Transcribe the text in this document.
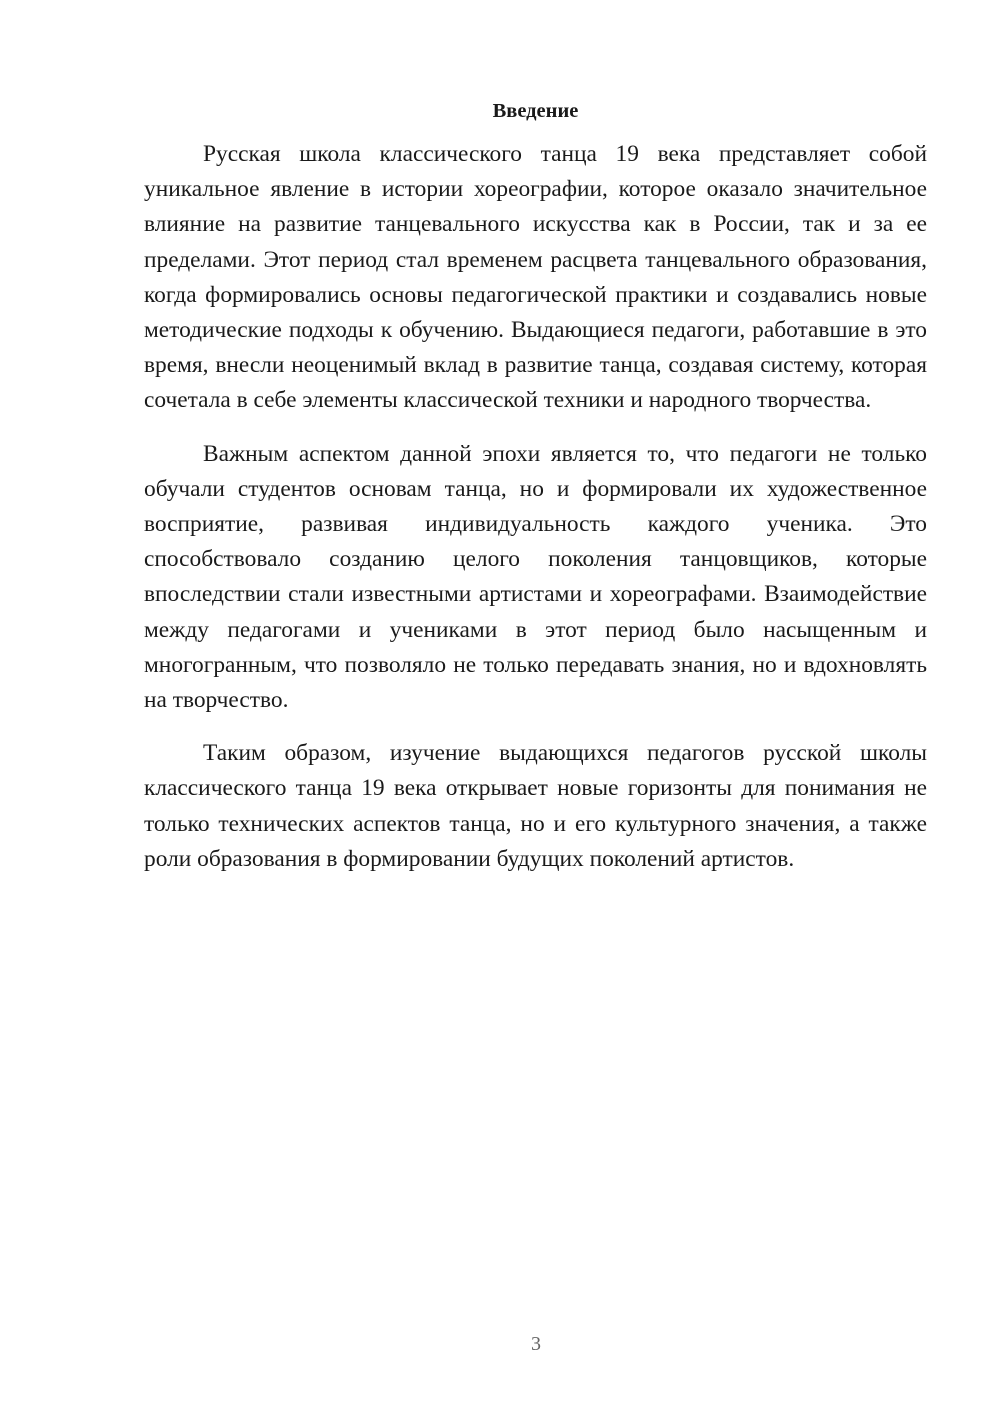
Введение

Русская школа классического танца 19 века представляет собой уникальное явление в истории хореографии, которое оказало значительное влияние на развитие танцевального искусства как в России, так и за ее пределами. Этот период стал временем расцвета танцевального образования, когда формировались основы педагогической практики и создавались новые методические подходы к обучению. Выдающиеся педагоги, работавшие в это время, внесли неоценимый вклад в развитие танца, создавая систему, которая сочетала в себе элементы классической техники и народного творчества.

Важным аспектом данной эпохи является то, что педагоги не только обучали студентов основам танца, но и формировали их художественное восприятие, развивая индивидуальность каждого ученика. Это способствовало созданию целого поколения танцовщиков, которые впоследствии стали известными артистами и хореографами. Взаимодействие между педагогами и учениками в этот период было насыщенным и многогранным, что позволяло не только передавать знания, но и вдохновлять на творчество.

Таким образом, изучение выдающихся педагогов русской школы классического танца 19 века открывает новые горизонты для понимания не только технических аспектов танца, но и его культурного значения, а также роли образования в формировании будущих поколений артистов.

3
